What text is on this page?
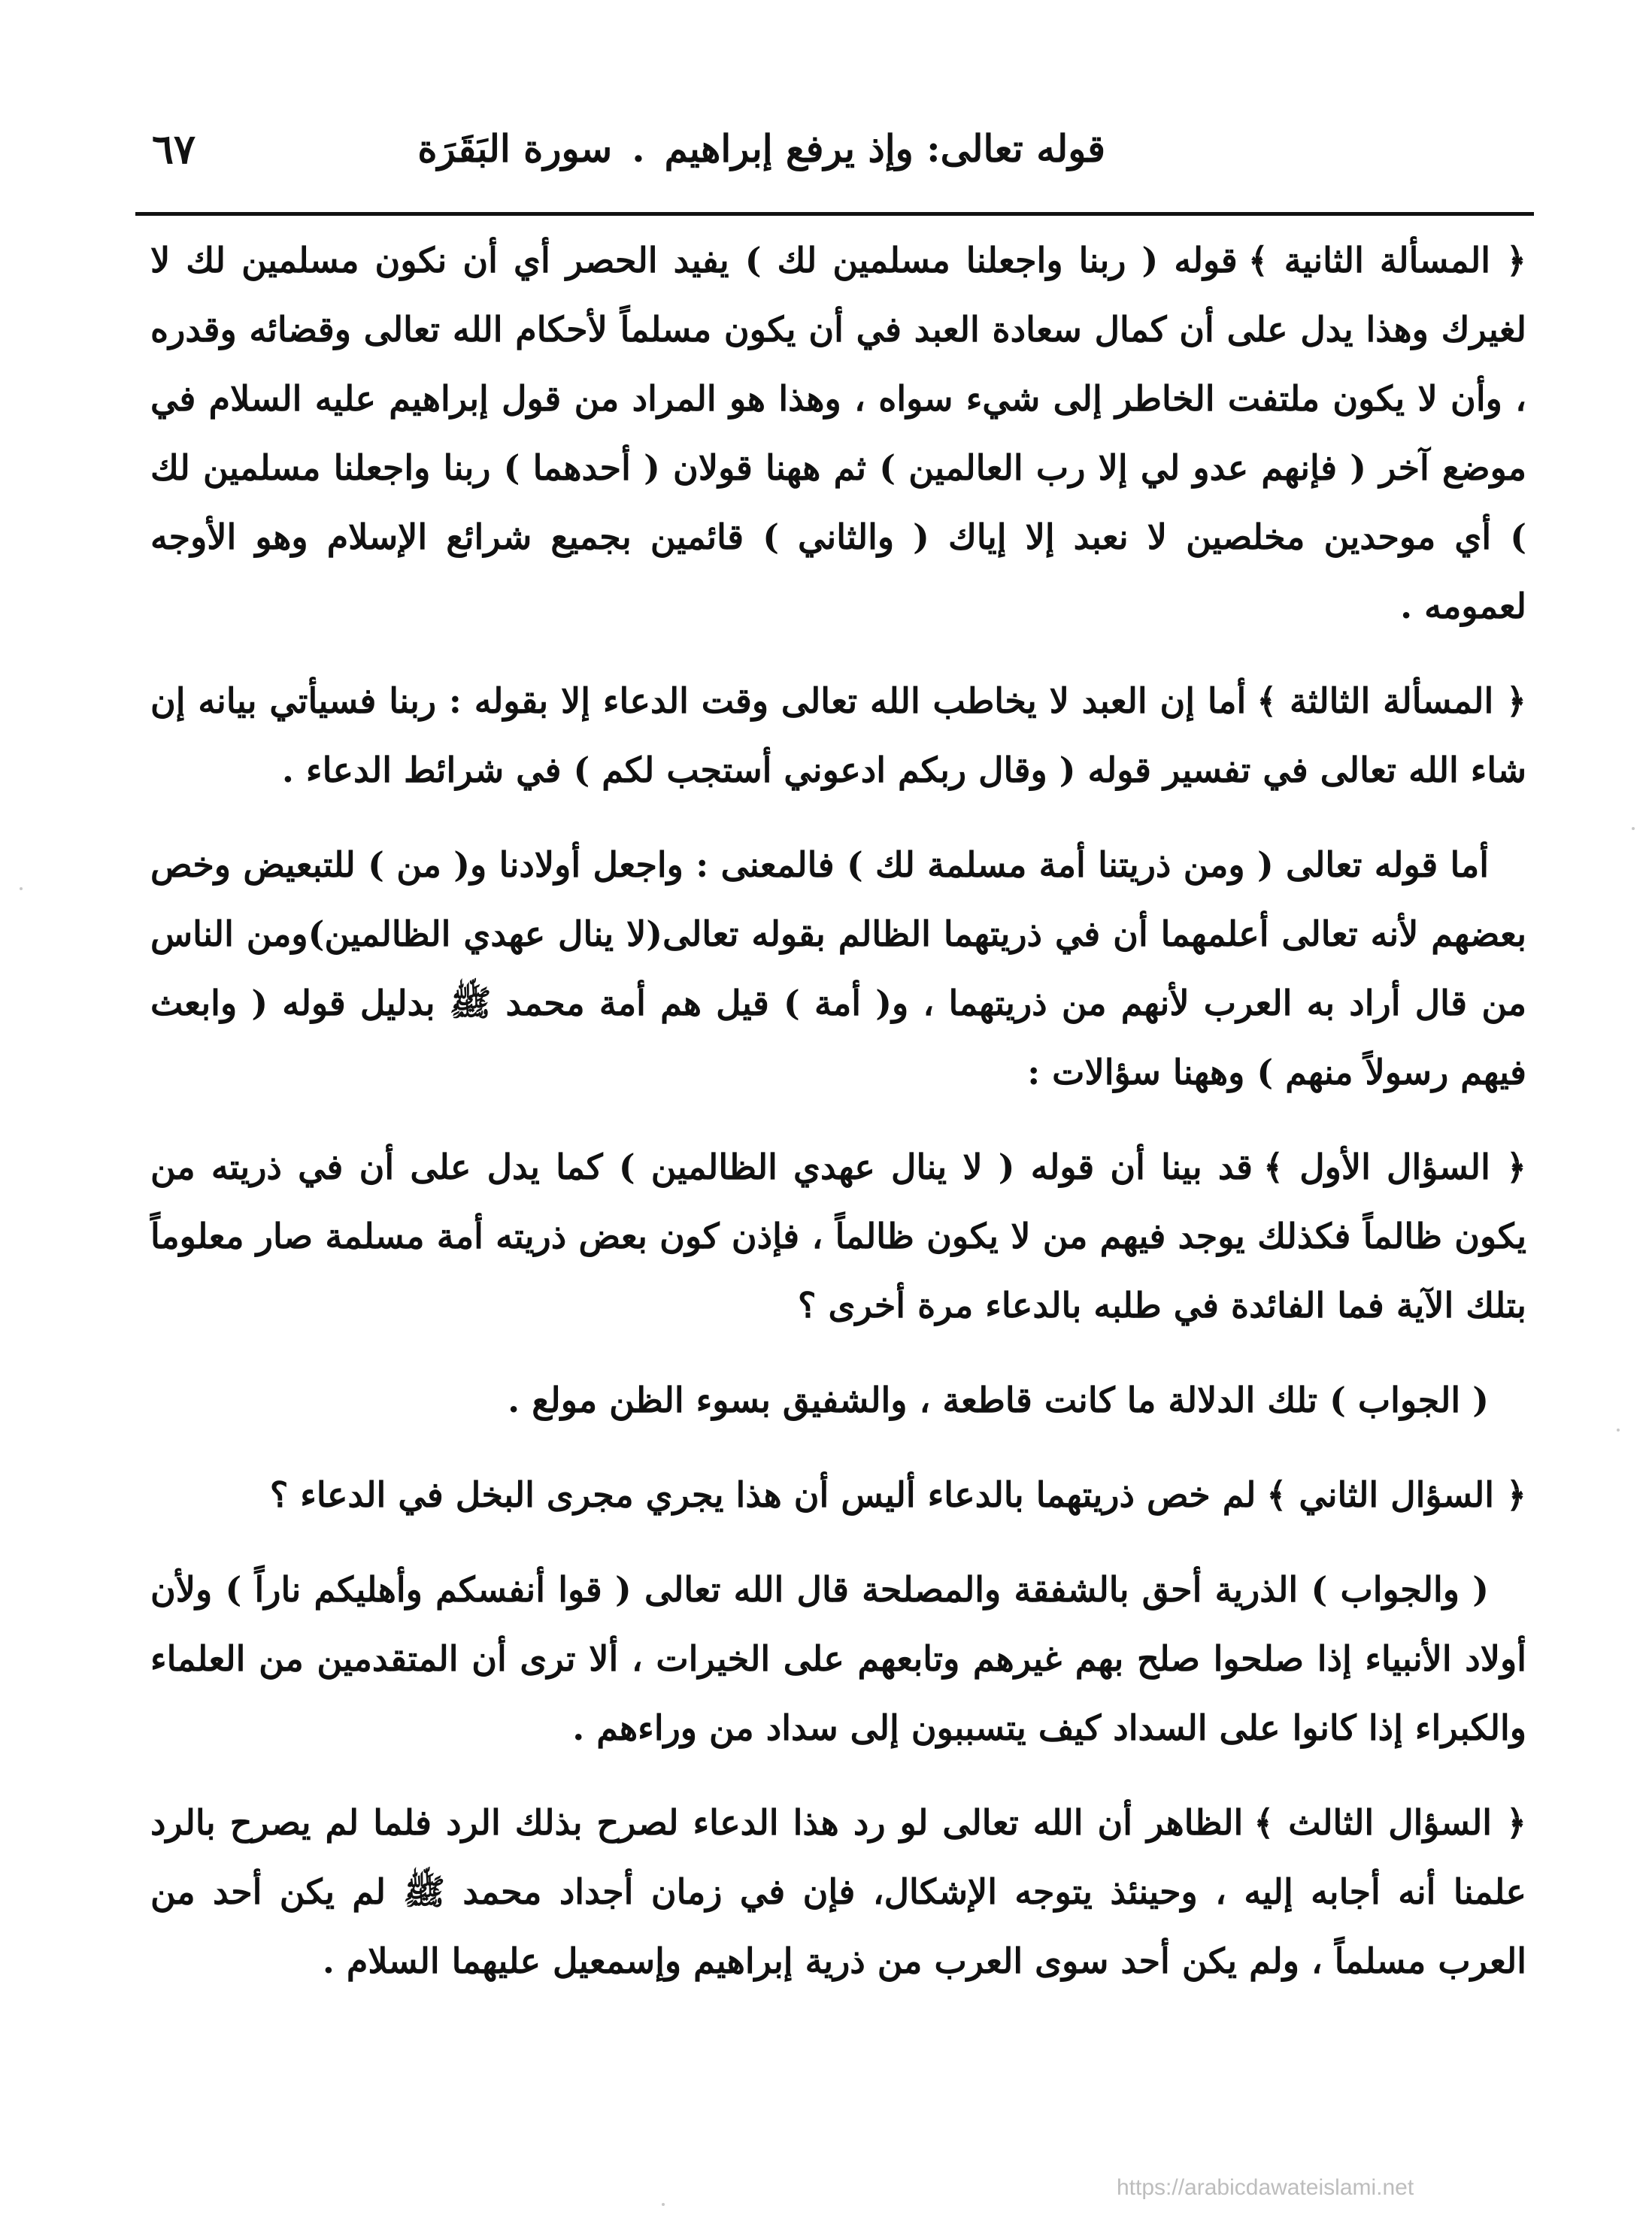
قوله تعالى: وإذ يرفع إبراهيم.سورة البَقَرَة
٦٧

﴿ المسألة الثانية ﴾قوله ( ربنا واجعلنا مسلمين لك ) يفيد الحصر أي أن نكون مسلمين لك لا لغيرك وهذا يدل على أن كمال سعادة العبد في أن يكون مسلماً لأحكام الله تعالى وقضائه وقدره ، وأن لا يكون ملتفت الخاطر إلى شيء سواه ، وهذا هو المراد من قول إبراهيم عليه السلام في موضع آخر ( فإنهم عدو لي إلا رب العالمين ) ثم ههنا قولان ( أحدهما ) ربنا واجعلنا مسلمين لك ) أي موحدين مخلصين لا نعبد إلا إياك ( والثاني ) قائمين بجميع شرائع الإسلام وهو الأوجه لعمومه .

﴿ المسألة الثالثة ﴾أما إن العبد لا يخاطب الله تعالى وقت الدعاء إلا بقوله : ربنا فسيأتي بيانه إن شاء الله تعالى في تفسير قوله ( وقال ربكم ادعوني أستجب لكم ) في شرائط الدعاء .

أما قوله تعالى ( ومن ذريتنا أمة مسلمة لك ) فالمعنى : واجعل أولادنا و( من ) للتبعيض وخص بعضهم لأنه تعالى أعلمهما أن في ذريتهما الظالم بقوله تعالى(لا ينال عهدي الظالمين)ومن الناس من قال أراد به العرب لأنهم من ذريتهما ، و( أمة ) قيل هم أمة محمد ﷺ بدليل قوله ( وابعث فيهم رسولاً منهم ) وههنا سؤالات :

﴿ السؤال الأول ﴾قد بينا أن قوله ( لا ينال عهدي الظالمين ) كما يدل على أن في ذريته من يكون ظالماً فكذلك يوجد فيهم من لا يكون ظالماً ، فإذن كون بعض ذريته أمة مسلمة صار معلوماً بتلك الآية فما الفائدة في طلبه بالدعاء مرة أخرى ؟

( الجواب ) تلك الدلالة ما كانت قاطعة ، والشفيق بسوء الظن مولع .

﴿ السؤال الثاني ﴾لم خص ذريتهما بالدعاء أليس أن هذا يجري مجرى البخل في الدعاء ؟

( والجواب ) الذرية أحق بالشفقة والمصلحة قال الله تعالى ( قوا أنفسكم وأهليكم ناراً ) ولأن أولاد الأنبياء إذا صلحوا صلح بهم غيرهم وتابعهم على الخيرات ، ألا ترى أن المتقدمين من العلماء والكبراء إذا كانوا على السداد كيف يتسببون إلى سداد من وراءهم .

﴿ السؤال الثالث ﴾الظاهر أن الله تعالى لو رد هذا الدعاء لصرح بذلك الرد فلما لم يصرح بالرد علمنا أنه أجابه إليه ، وحينئذ يتوجه الإشكال، فإن في زمان أجداد محمد ﷺ لم يكن أحد من العرب مسلماً ، ولم يكن أحد سوى العرب من ذرية إبراهيم وإسمعيل عليهما السلام .

https://arabicdawateislami.net
